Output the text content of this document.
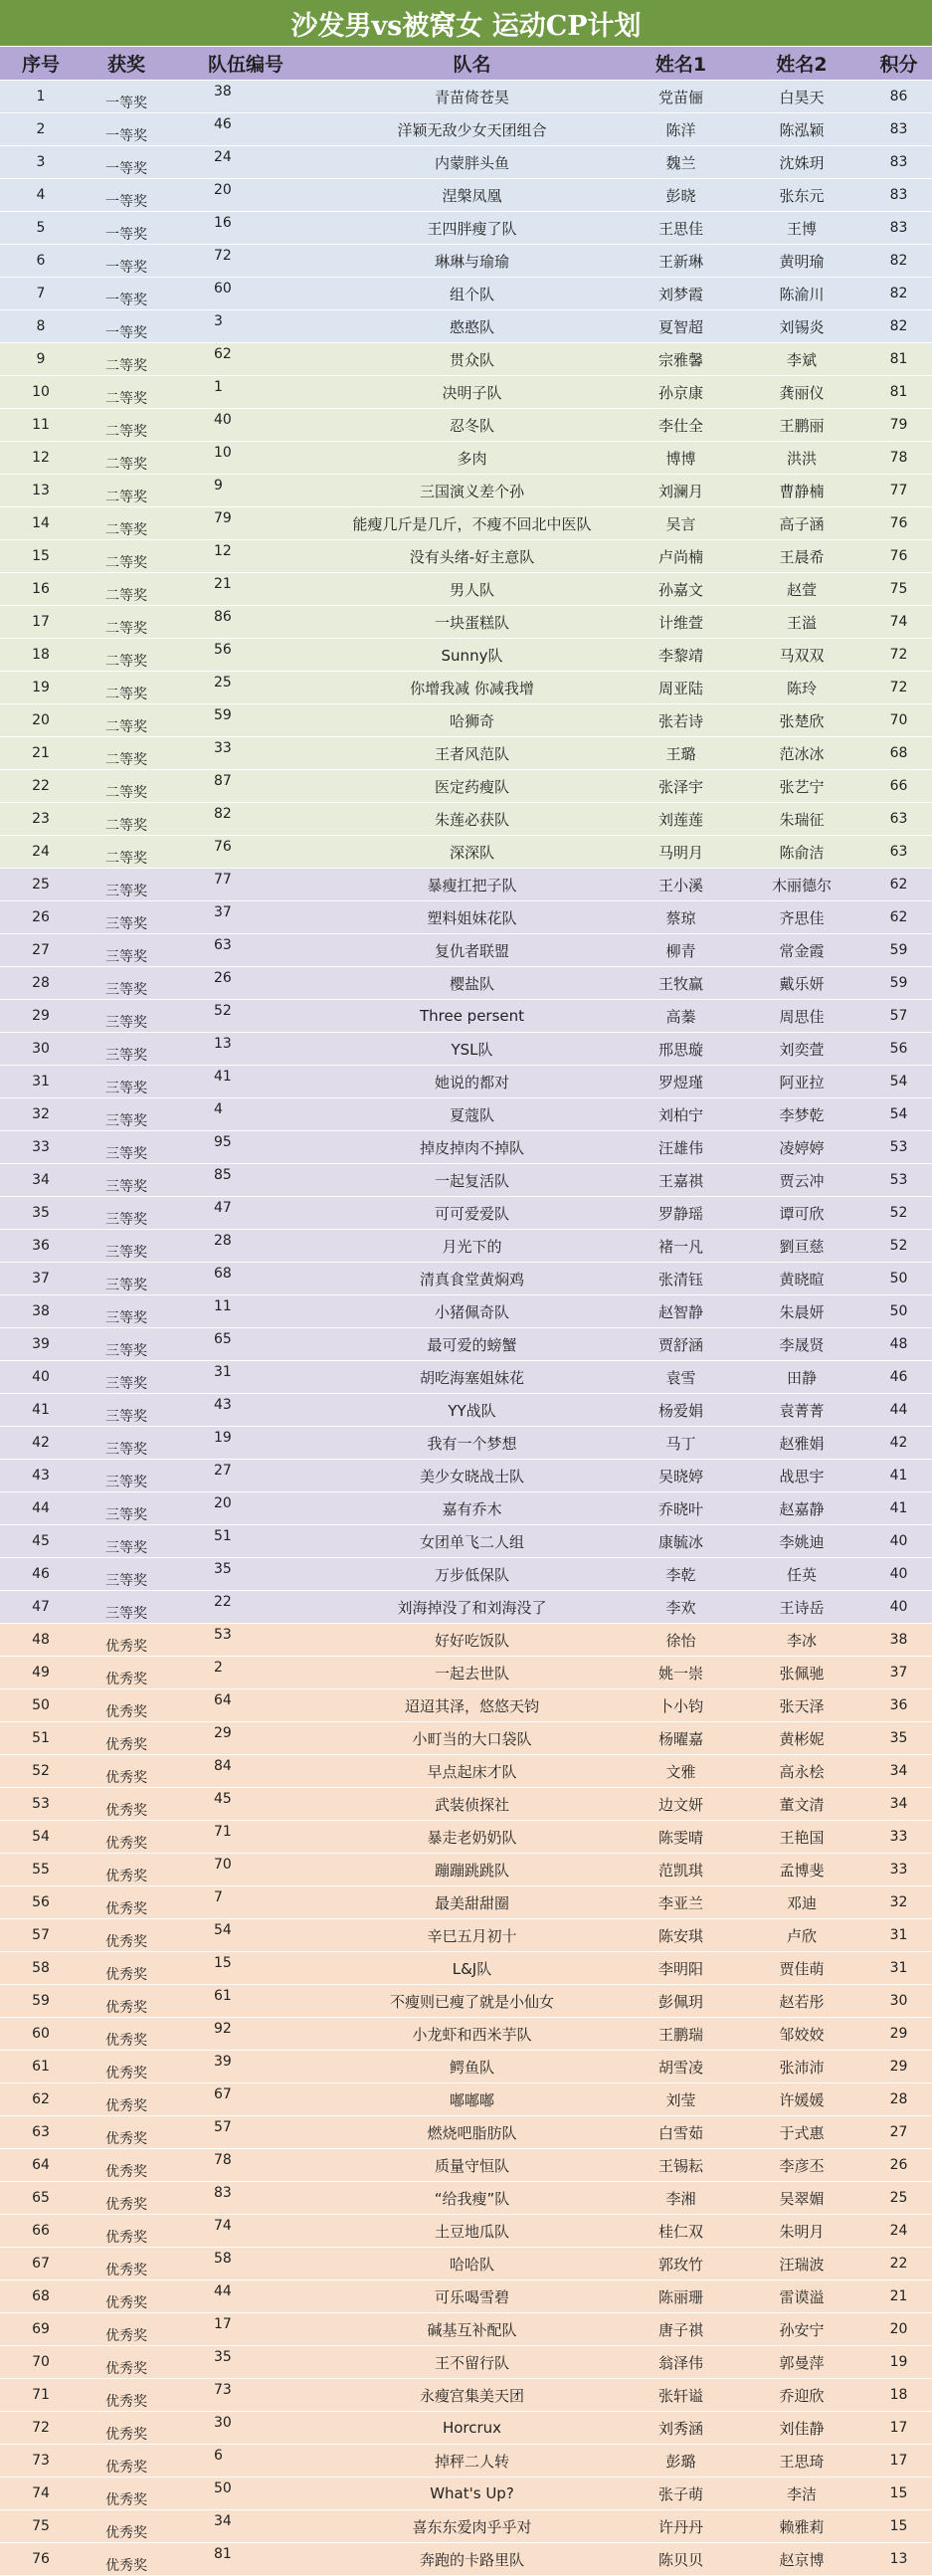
沙发男vs被窝女 运动CP计划
序号	获奖	队伍编号	队名	姓名1	姓名2	积分
1	一等奖	38	青苗倚苍昊	党苗俪	白昊天	86
2	一等奖	46	洋颖无敌少女天团组合	陈洋	陈泓颖	83
3	一等奖	24	内蒙胖头鱼	魏兰	沈姝玥	83
4	一等奖	20	涅槃凤凰	彭晓	张东元	83
5	一等奖	16	王四胖瘦了队	王思佳	王博	83
6	一等奖	72	琳琳与瑜瑜	王新琳	黄明瑜	82
7	一等奖	60	组个队	刘梦霞	陈渝川	82
8	一等奖	3	憨憨队	夏智超	刘锡炎	82
9	二等奖	62	贯众队	宗雅馨	李斌	81
10	二等奖	1	决明子队	孙京康	龚丽仪	81
11	二等奖	40	忍冬队	李仕全	王鹏丽	79
12	二等奖	10	多肉	博博	洪洪	78
13	二等奖	9	三国演义差个孙	刘澜月	曹静楠	77
14	二等奖	79	能瘦几斤是几斤，不瘦不回北中医队	吴言	高子涵	76
15	二等奖	12	没有头绪-好主意队	卢尚楠	王晨希	76
16	二等奖	21	男人队	孙嘉文	赵萱	75
17	二等奖	86	一块蛋糕队	计维萱	王溢	74
18	二等奖	56	Sunny队	李黎靖	马双双	72
19	二等奖	25	你增我减 你减我增	周亚陆	陈玲	72
20	二等奖	59	哈狮奇	张若诗	张楚欣	70
21	二等奖	33	王者风范队	王璐	范冰冰	68
22	二等奖	87	医定药瘦队	张泽宇	张艺宁	66
23	二等奖	82	朱莲必获队	刘莲莲	朱瑞征	63
24	二等奖	76	深深队	马明月	陈俞洁	63
25	三等奖	77	暴瘦扛把子队	王小溪	木丽德尔	62
26	三等奖	37	塑料姐妹花队	蔡琼	齐思佳	62
27	三等奖	63	复仇者联盟	柳青	常金霞	59
28	三等奖	26	樱盐队	王牧赢	戴乐妍	59
29	三等奖	52	Three persent	高蓁	周思佳	57
30	三等奖	13	YSL队	邢思璇	刘奕萱	56
31	三等奖	41	她说的都对	罗煜瑾	阿亚拉	54
32	三等奖	4	夏蔻队	刘柏宁	李梦乾	54
33	三等奖	95	掉皮掉肉不掉队	汪雄伟	凌婷婷	53
34	三等奖	85	一起复活队	王嘉祺	贾云冲	53
35	三等奖	47	可可爱爱队	罗静瑶	谭可欣	52
36	三等奖	28	月光下的	褚一凡	劉亘慈	52
37	三等奖	68	清真食堂黄焖鸡	张清钰	黄晓暄	50
38	三等奖	11	小猪佩奇队	赵智静	朱晨妍	50
39	三等奖	65	最可爱的螃蟹	贾舒涵	李晟贤	48
40	三等奖	31	胡吃海塞姐妹花	袁雪	田静	46
41	三等奖	43	YY战队	杨爱娟	袁菁菁	44
42	三等奖	19	我有一个梦想	马丁	赵雅娟	42
43	三等奖	27	美少女晓战士队	吴晓婷	战思宇	41
44	三等奖	20	嘉有乔木	乔晓叶	赵嘉静	41
45	三等奖	51	女团单飞二人组	康毓冰	李姚迪	40
46	三等奖	35	万步低保队	李乾	任英	40
47	三等奖	22	刘海掉没了和刘海没了	李欢	王诗岳	40
48	优秀奖	53	好好吃饭队	徐怡	李冰	38
49	优秀奖	2	一起去世队	姚一崇	张佩驰	37
50	优秀奖	64	迢迢其泽，悠悠天钧	卜小钧	张天泽	36
51	优秀奖	29	小町当的大口袋队	杨曜嘉	黄彬妮	35
52	优秀奖	84	早点起床才队	文雅	高永桧	34
53	优秀奖	45	武装侦探社	边文妍	董文清	34
54	优秀奖	71	暴走老奶奶队	陈雯晴	王艳国	33
55	优秀奖	70	蹦蹦跳跳队	范凯琪	孟博斐	33
56	优秀奖	7	最美甜甜圈	李亚兰	邓迪	32
57	优秀奖	54	辛巳五月初十	陈安琪	卢欣	31
58	优秀奖	15	L&J队	李明阳	贾佳萌	31
59	优秀奖	61	不瘦则已瘦了就是小仙女	彭佩玥	赵若彤	30
60	优秀奖	92	小龙虾和西米芋队	王鹏瑞	邹姣姣	29
61	优秀奖	39	鳄鱼队	胡雪凌	张沛沛	29
62	优秀奖	67	嘟嘟嘟	刘莹	许媛媛	28
63	优秀奖	57	燃烧吧脂肪队	白雪茹	于式惠	27
64	优秀奖	78	质量守恒队	王锡耘	李彦丕	26
65	优秀奖	83	“给我瘦”队	李湘	吴翠媚	25
66	优秀奖	74	土豆地瓜队	桂仁双	朱明月	24
67	优秀奖	58	哈哈队	郭玫竹	汪瑞波	22
68	优秀奖	44	可乐喝雪碧	陈丽珊	雷谟溢	21
69	优秀奖	17	碱基互补配队	唐子祺	孙安宁	20
70	优秀奖	35	王不留行队	翁泽伟	郭曼萍	19
71	优秀奖	73	永瘦宫集美天团	张轩谥	乔迎欣	18
72	优秀奖	30	Horcrux	刘秀涵	刘佳静	17
73	优秀奖	6	掉秤二人转	彭璐	王思琦	17
74	优秀奖	50	What's Up?	张子萌	李洁	15
75	优秀奖	34	喜东东爱肉乎乎对	许丹丹	赖雅莉	15
76	优秀奖	81	奔跑的卡路里队	陈贝贝	赵京博	13
